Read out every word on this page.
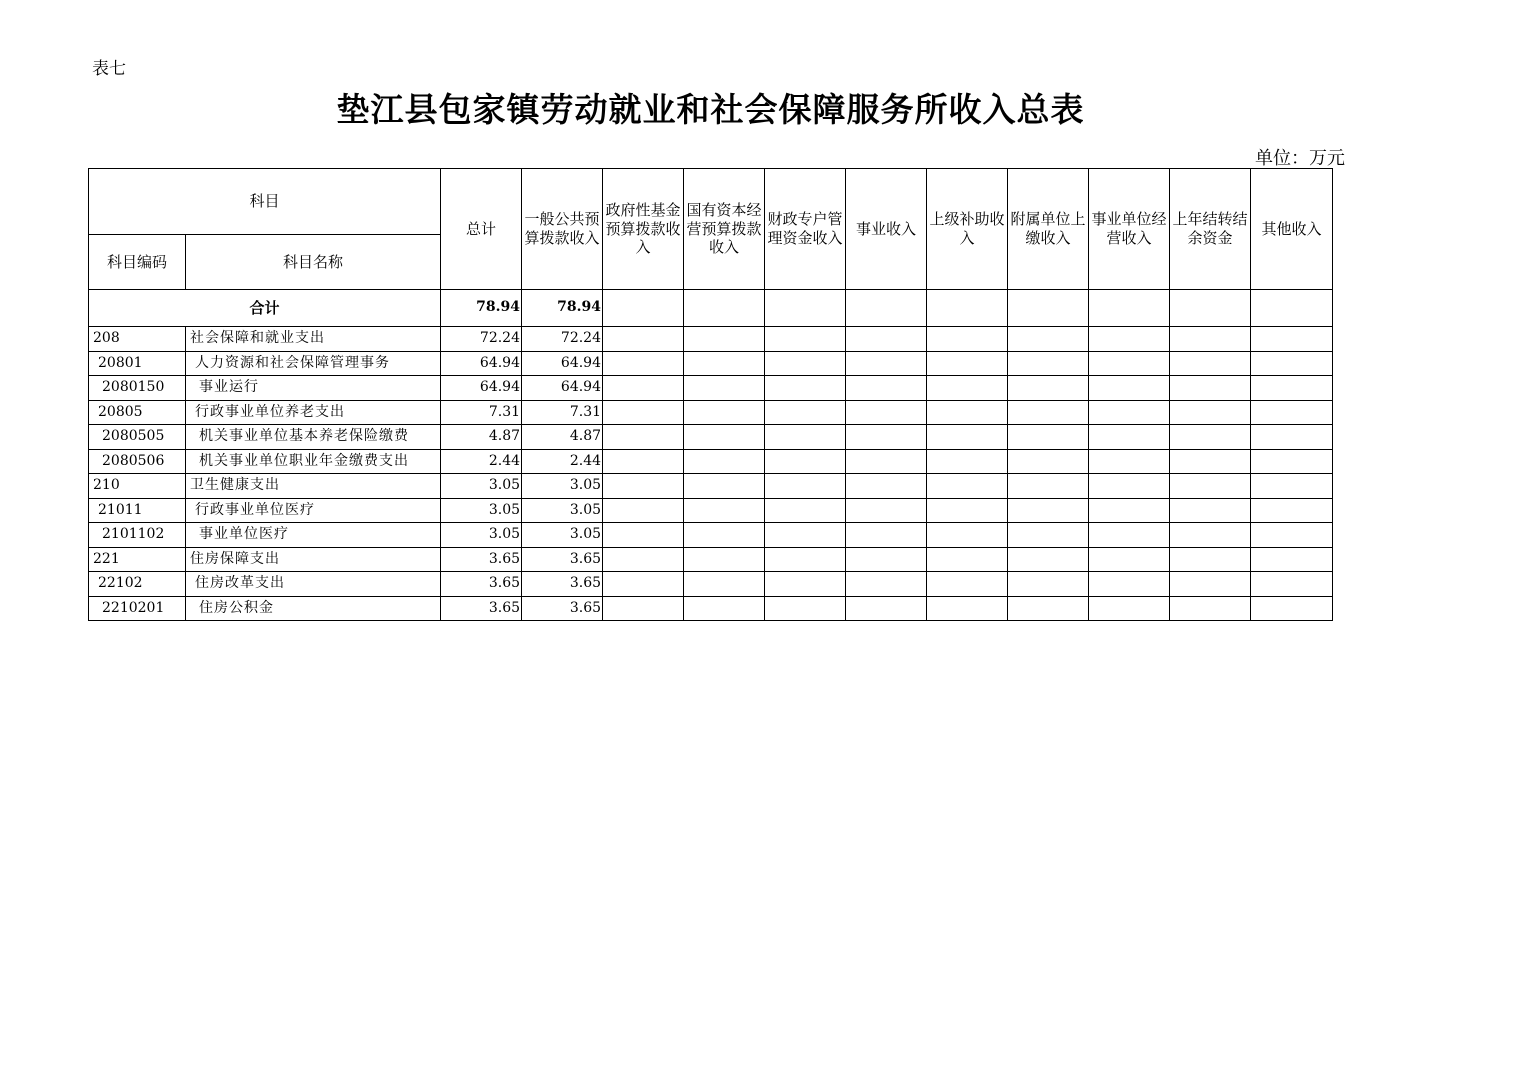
表七
垫江县包家镇劳动就业和社会保障服务所收入总表
单位：万元
科目		总计	一般公共预算拨款收入	政府性基金预算拨款收入	国有资本经营预算拨款收入	财政专户管理资金收入	事业收入	上级补助收入	附属单位上缴收入	事业单位经营收入	上年结转结余资金	其他收入
科目编码	科目名称											
合计		78.94	78.94									
208	社会保障和就业支出	72.24	72.24									
20801	人力资源和社会保障管理事务	64.94	64.94									
2080150	事业运行	64.94	64.94									
20805	行政事业单位养老支出	7.31	7.31									
2080505	机关事业单位基本养老保险缴费	4.87	4.87									
2080506	机关事业单位职业年金缴费支出	2.44	2.44									
210	卫生健康支出	3.05	3.05									
21011	行政事业单位医疗	3.05	3.05									
2101102	事业单位医疗	3.05	3.05									
221	住房保障支出	3.65	3.65									
22102	住房改革支出	3.65	3.65									
2210201	住房公积金	3.65	3.65									
